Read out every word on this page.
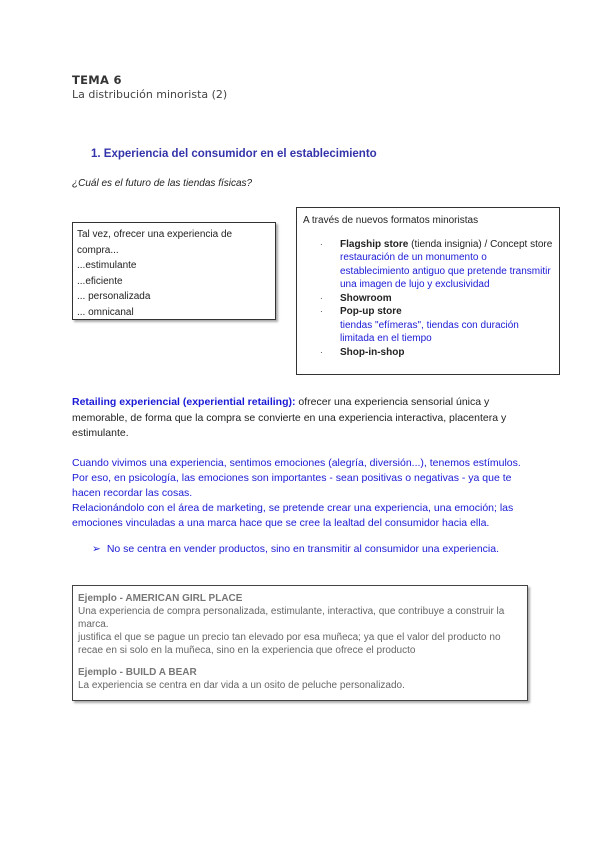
TEMA 6
La distribución minorista (2)
1. Experiencia del consumidor en el establecimiento
¿Cuál es el futuro de las tiendas físicas?
Tal vez, ofrecer una experiencia de compra...
...estimulante
...eficiente
... personalizada
... omnicanal
A través de nuevos formatos minoristas
· Flagship store (tienda insignia) / Concept store
restauración de un monumento o establecimiento antiguo que pretende transmitir una imagen de lujo y exclusividad
· Showroom
· Pop-up store
tiendas "efímeras", tiendas con duración limitada en el tiempo
· Shop-in-shop
Retailing experiencial (experiential retailing): ofrecer una experiencia sensorial única y memorable, de forma que la compra se convierte en una experiencia interactiva, placentera y estimulante.
Cuando vivimos una experiencia, sentimos emociones (alegría, diversión...), tenemos estímulos. Por eso, en psicología, las emociones son importantes - sean positivas o negativas - ya que te hacen recordar las cosas.
Relacionándolo con el área de marketing, se pretende crear una experiencia, una emoción; las emociones vinculadas a una marca hace que se cree la lealtad del consumidor hacia ella.
➢ No se centra en vender productos, sino en transmitir al consumidor una experiencia.
Ejemplo - AMERICAN GIRL PLACE
Una experiencia de compra personalizada, estimulante, interactiva, que contribuye a construir la marca.
justifica el que se pague un precio tan elevado por esa muñeca; ya que el valor del producto no recae en si solo en la muñeca, sino en la experiencia que ofrece el producto
Ejemplo - BUILD A BEAR
La experiencia se centra en dar vida a un osito de peluche personalizado.
